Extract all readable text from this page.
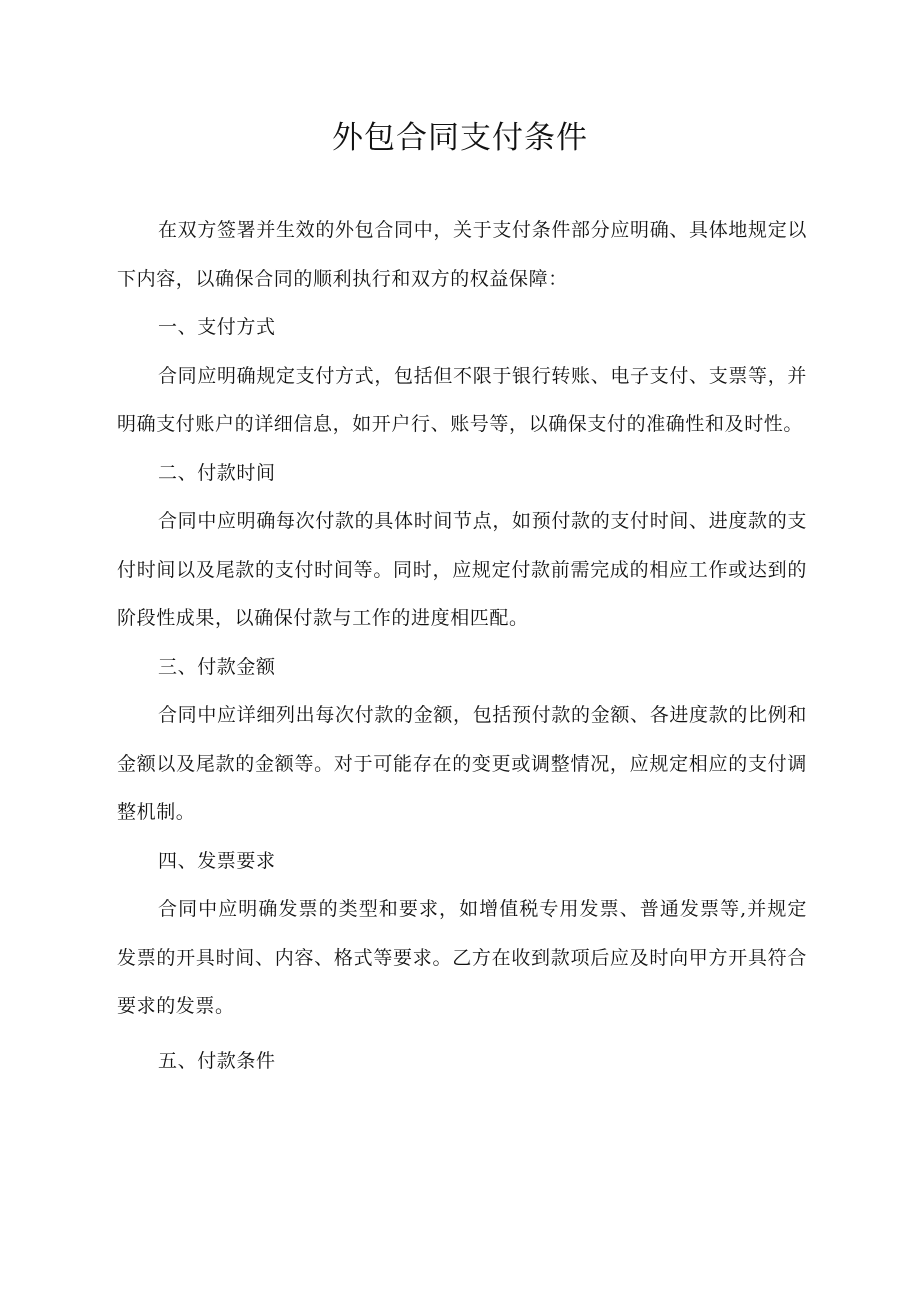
外包合同支付条件

在双方签署并生效的外包合同中，关于支付条件部分应明确、具体地规定以下内容，以确保合同的顺利执行和双方的权益保障：

一、支付方式

合同应明确规定支付方式，包括但不限于银行转账、电子支付、支票等，并明确支付账户的详细信息，如开户行、账号等，以确保支付的准确性和及时性。

二、付款时间

合同中应明确每次付款的具体时间节点，如预付款的支付时间、进度款的支付时间以及尾款的支付时间等。同时，应规定付款前需完成的相应工作或达到的阶段性成果，以确保付款与工作的进度相匹配。

三、付款金额

合同中应详细列出每次付款的金额，包括预付款的金额、各进度款的比例和金额以及尾款的金额等。对于可能存在的变更或调整情况，应规定相应的支付调整机制。

四、发票要求

合同中应明确发票的类型和要求，如增值税专用发票、普通发票等,并规定发票的开具时间、内容、格式等要求。乙方在收到款项后应及时向甲方开具符合要求的发票。

五、付款条件
